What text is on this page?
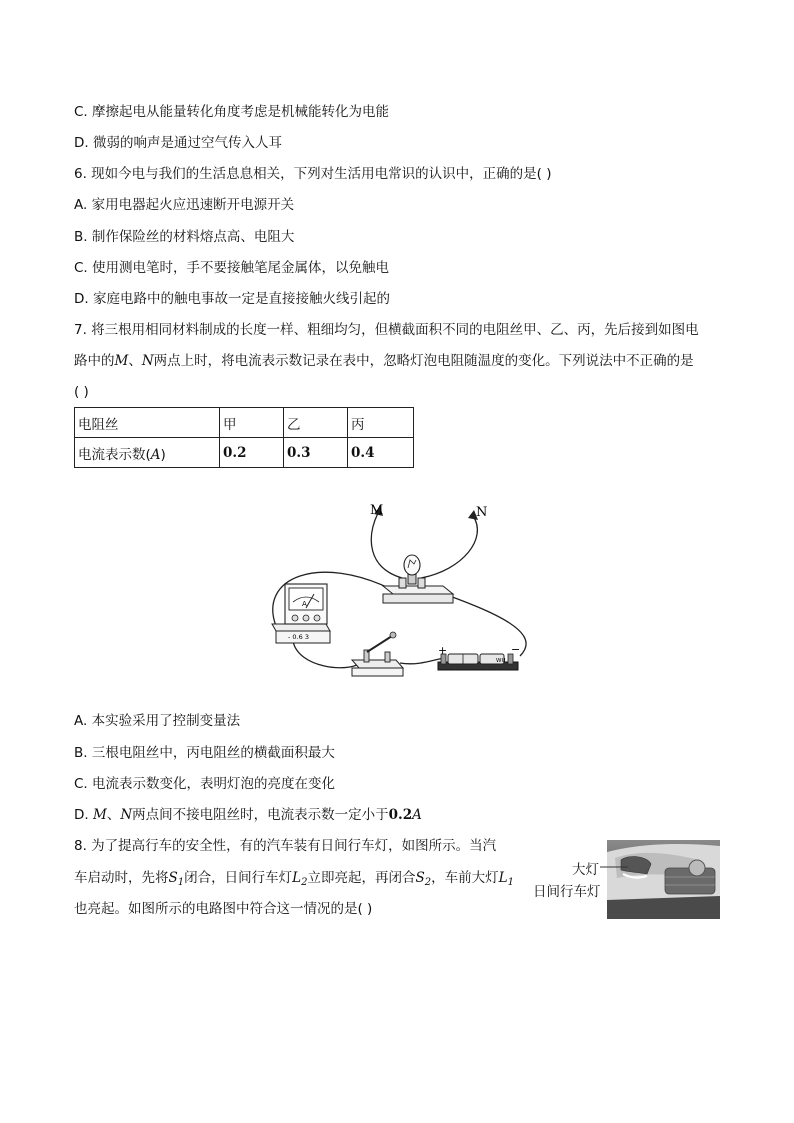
C. 摩擦起电从能量转化角度考虑是机械能转化为电能
D. 微弱的响声是通过空气传入人耳
6. 现如今电与我们的生活息息相关，下列对生活用电常识的认识中，正确的是( )
A. 家用电器起火应迅速断开电源开关
B. 制作保险丝的材料熔点高、电阻大
C. 使用测电笔时，手不要接触笔尾金属体，以免触电
D. 家庭电路中的触电事故一定是直接接触火线引起的
7. 将三根用相同材料制成的长度一样、粗细均匀，但横截面积不同的电阻丝甲、乙、丙，先后接到如图电
路中的M、N两点上时，将电流表示数记录在表中，忽略灯泡电阻随温度的变化。下列说法中不正确的是
( )
电阻丝	甲	乙	丙
电流表示数(A)	0.2	0.3	0.4
M	N
A
- 0.6 3
+	−
WU
A. 本实验采用了控制变量法
B. 三根电阻丝中，丙电阻丝的横截面积最大
C. 电流表示数变化，表明灯泡的亮度在变化
D. M、N两点间不接电阻丝时，电流表示数一定小于0.2A
8. 为了提高行车的安全性，有的汽车装有日间行车灯，如图所示。当汽
车启动时，先将$S_1$闭合，日间行车灯$L_2$立即亮起，再闭合$S_2$，车前大灯$L_1$
也亮起。如图所示的电路图中符合这一情况的是( )
大灯
日间行车灯
